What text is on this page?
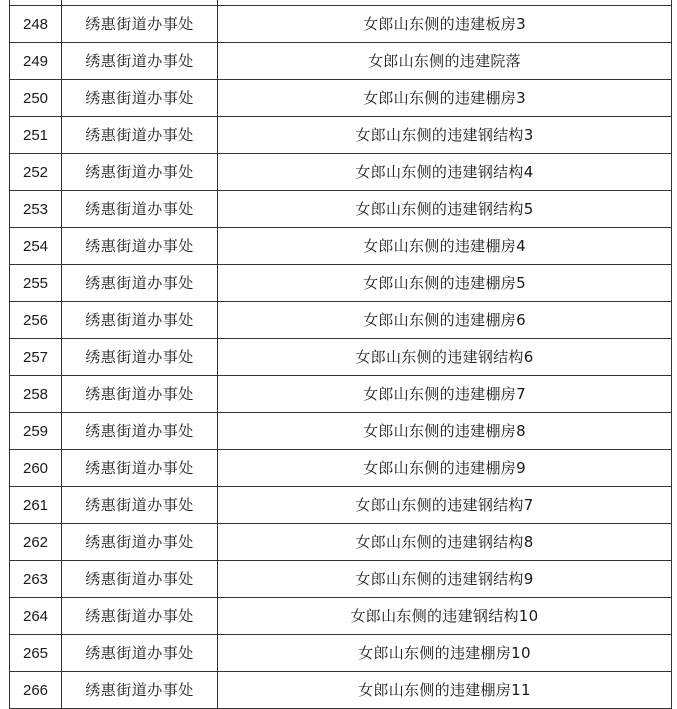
248	绣惠街道办事处	女郎山东侧的违建板房3
249	绣惠街道办事处	女郎山东侧的违建院落
250	绣惠街道办事处	女郎山东侧的违建棚房3
251	绣惠街道办事处	女郎山东侧的违建钢结构3
252	绣惠街道办事处	女郎山东侧的违建钢结构4
253	绣惠街道办事处	女郎山东侧的违建钢结构5
254	绣惠街道办事处	女郎山东侧的违建棚房4
255	绣惠街道办事处	女郎山东侧的违建棚房5
256	绣惠街道办事处	女郎山东侧的违建棚房6
257	绣惠街道办事处	女郎山东侧的违建钢结构6
258	绣惠街道办事处	女郎山东侧的违建棚房7
259	绣惠街道办事处	女郎山东侧的违建棚房8
260	绣惠街道办事处	女郎山东侧的违建棚房9
261	绣惠街道办事处	女郎山东侧的违建钢结构7
262	绣惠街道办事处	女郎山东侧的违建钢结构8
263	绣惠街道办事处	女郎山东侧的违建钢结构9
264	绣惠街道办事处	女郎山东侧的违建钢结构10
265	绣惠街道办事处	女郎山东侧的违建棚房10
266	绣惠街道办事处	女郎山东侧的违建棚房11
